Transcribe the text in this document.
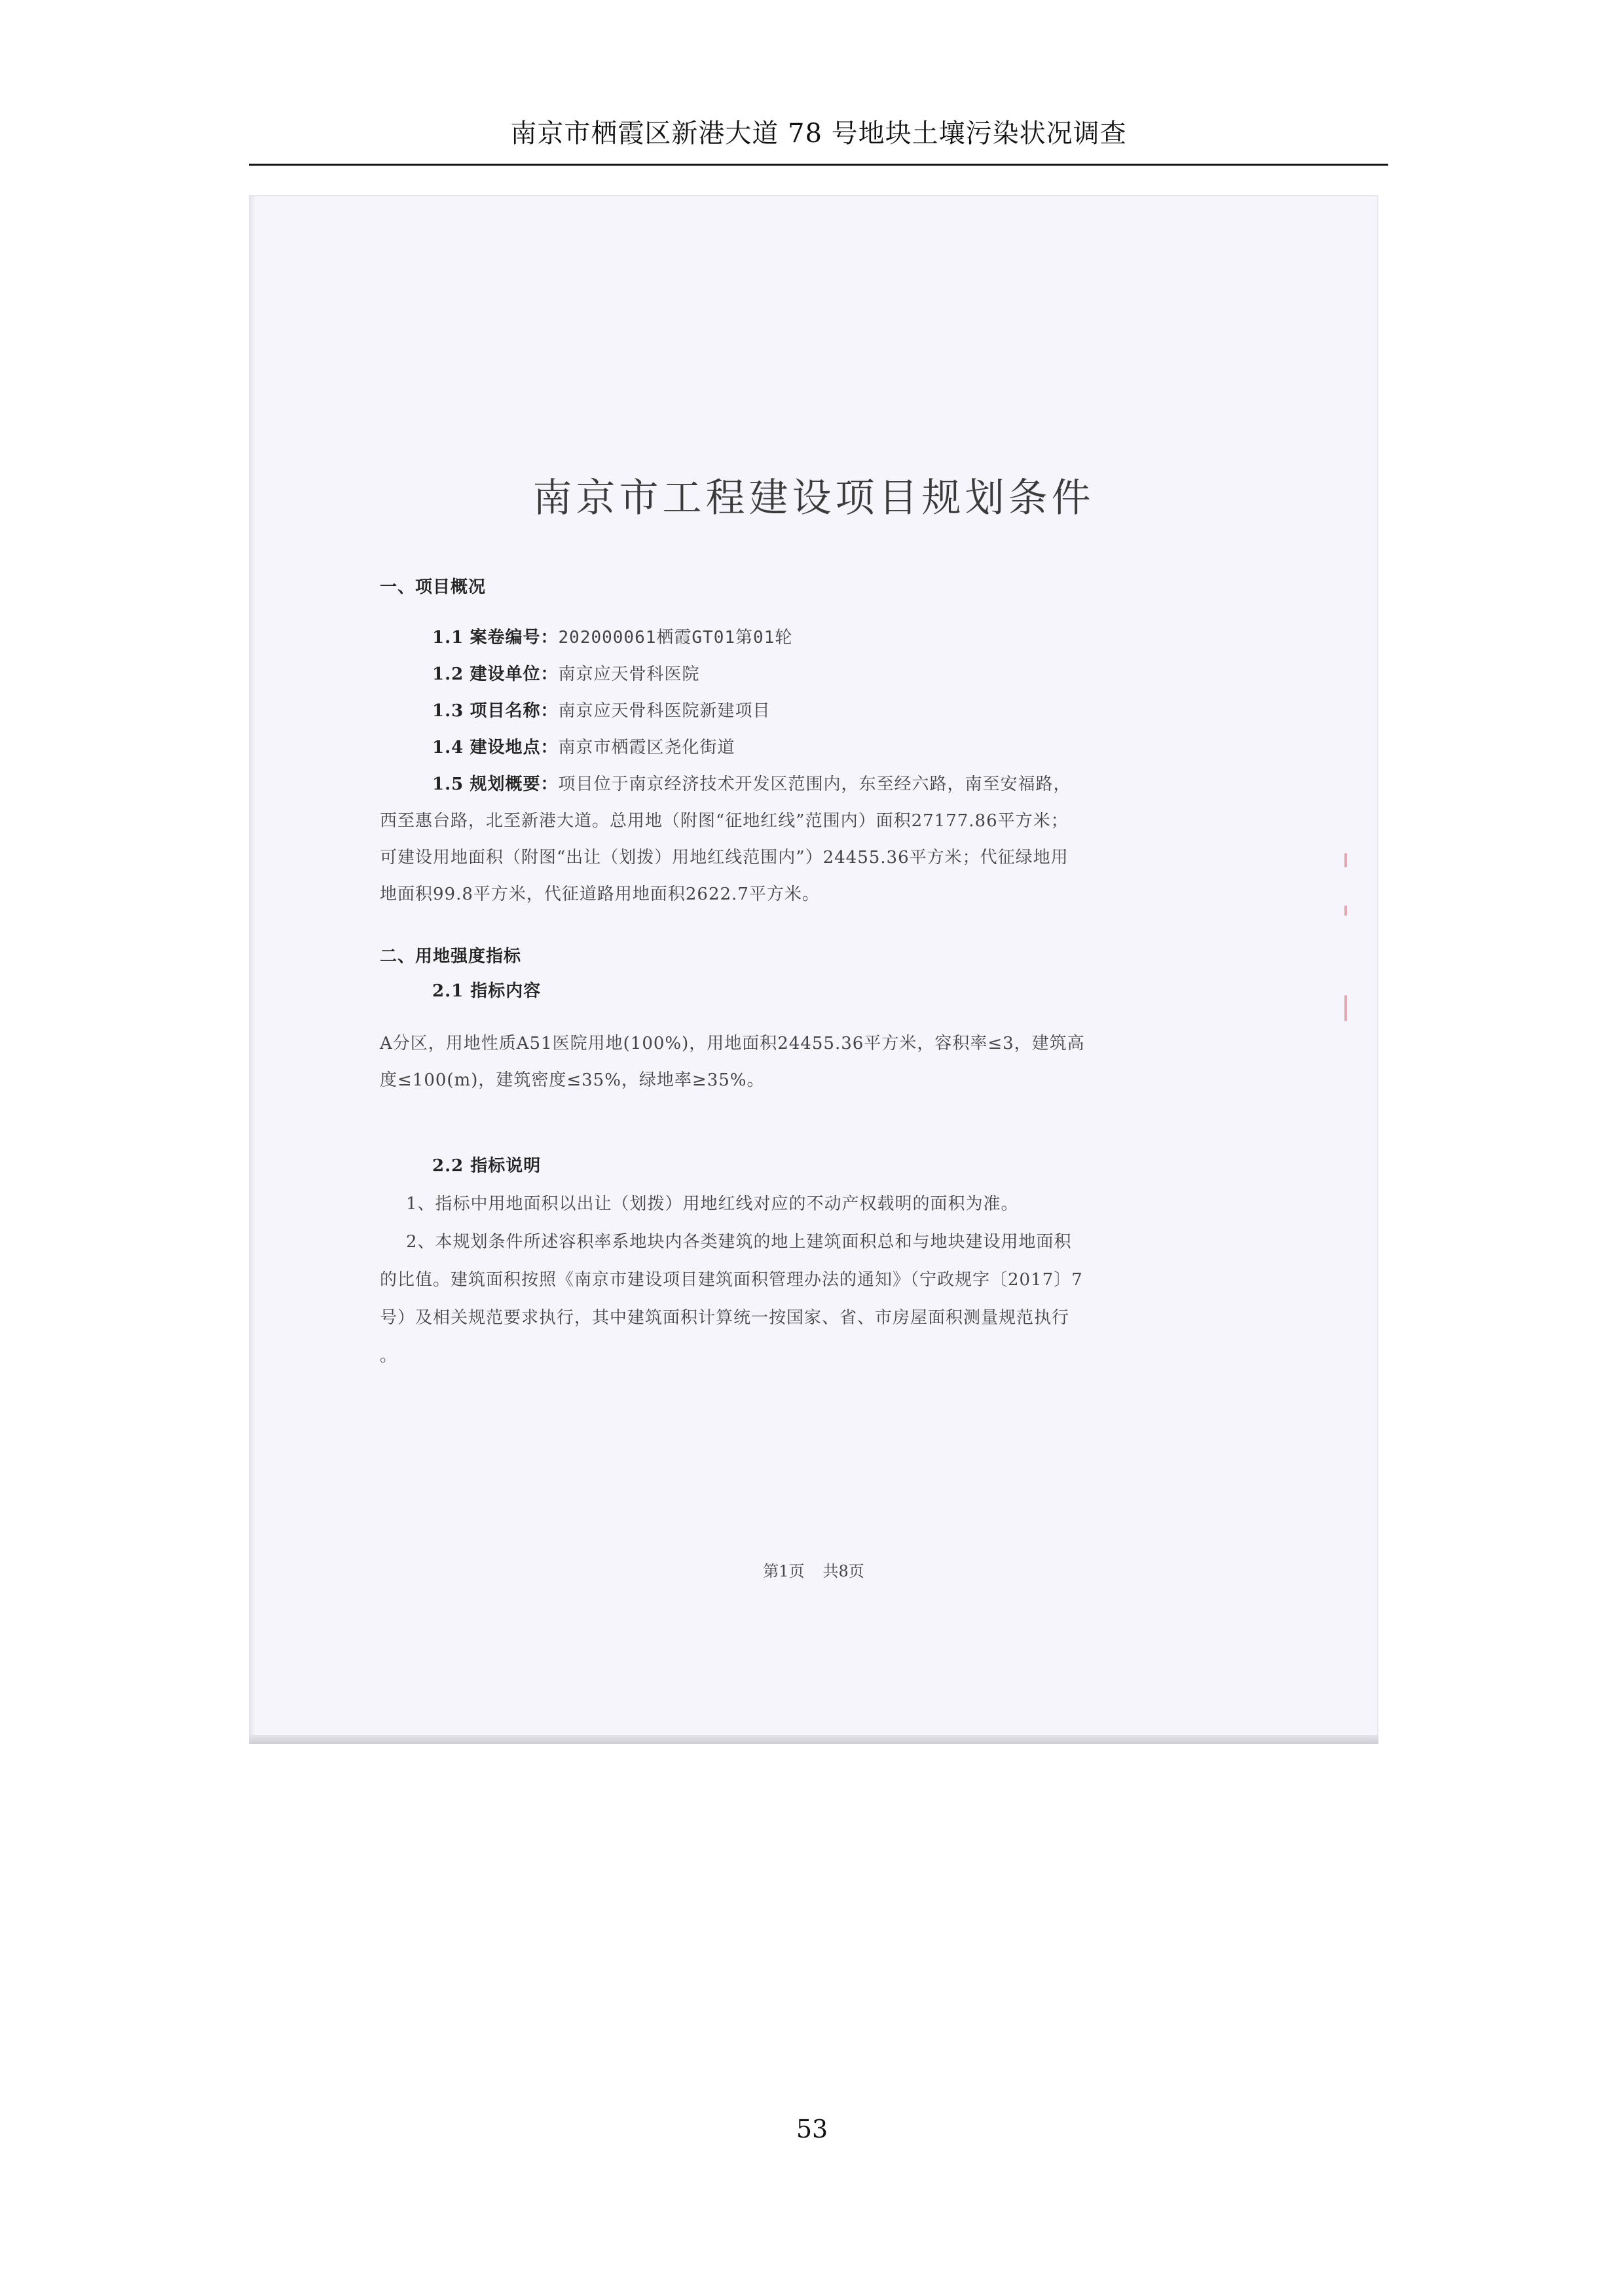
南京市栖霞区新港大道 78 号地块土壤污染状况调查
南京市工程建设项目规划条件
一、项目概况
1.1 案卷编号：202000061栖霞GT01第01轮
1.2 建设单位：南京应天骨科医院
1.3 项目名称：南京应天骨科医院新建项目
1.4 建设地点：南京市栖霞区尧化街道
1.5 规划概要：项目位于南京经济技术开发区范围内，东至经六路，南至安福路，
西至惠台路，北至新港大道。总用地（附图“征地红线”范围内）面积27177.86平方米；
可建设用地面积（附图“出让（划拨）用地红线范围内”）24455.36平方米；代征绿地用
地面积99.8平方米，代征道路用地面积2622.7平方米。
二、用地强度指标
2.1 指标内容
A分区，用地性质A51医院用地(100%)，用地面积24455.36平方米，容积率≤3，建筑高
度≤100(m)，建筑密度≤35%，绿地率≥35%。
2.2 指标说明
1、指标中用地面积以出让（划拨）用地红线对应的不动产权载明的面积为准。
2、本规划条件所述容积率系地块内各类建筑的地上建筑面积总和与地块建设用地面积
的比值。建筑面积按照《南京市建设项目建筑面积管理办法的通知》（宁政规字〔2017〕7
号）及相关规范要求执行，其中建筑面积计算统一按国家、省、市房屋面积测量规范执行
。
第1页 共8页
53
